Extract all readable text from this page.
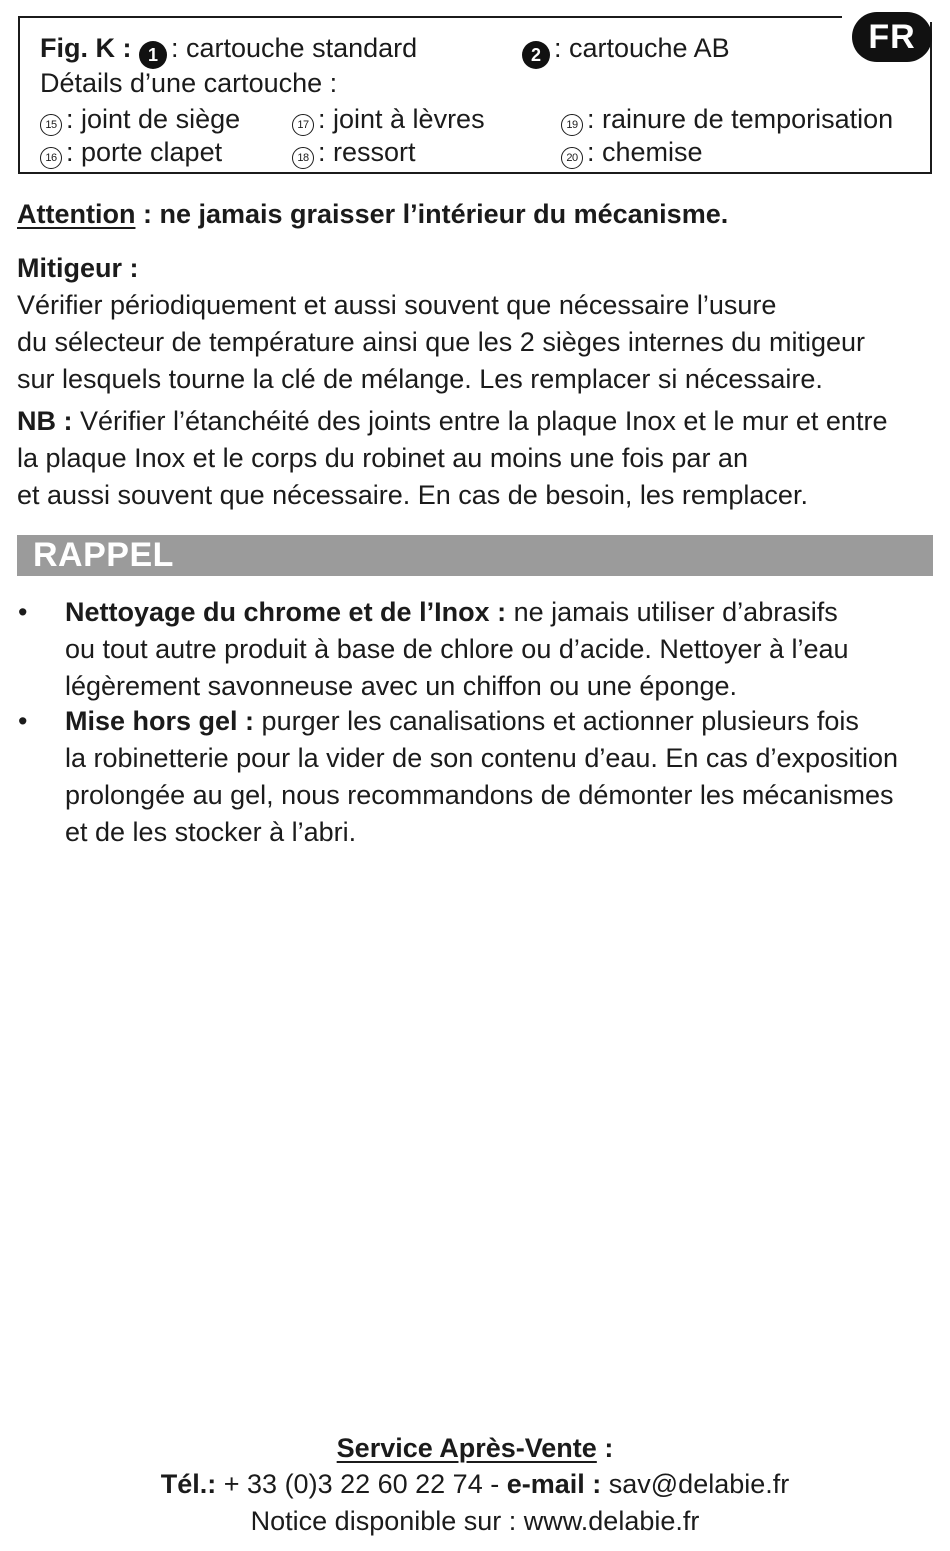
FR
Fig. K : 1 : cartouche standard	2 : cartouche AB
Détails d’une cartouche :
15 : joint de siège	17 : joint à lèvres	19 : rainure de temporisation
16 : porte clapet	18 : ressort	20 : chemise
Attention : ne jamais graisser l’intérieur du mécanisme.
Mitigeur :
Vérifier périodiquement et aussi souvent que nécessaire l’usure
du sélecteur de température ainsi que les 2 sièges internes du mitigeur
sur lesquels tourne la clé de mélange. Les remplacer si nécessaire.
NB : Vérifier l’étanchéité des joints entre la plaque Inox et le mur et entre
la plaque Inox et le corps du robinet au moins une fois par an
et aussi souvent que nécessaire. En cas de besoin, les remplacer.
RAPPEL
• Nettoyage du chrome et de l’Inox : ne jamais utiliser d’abrasifs
ou tout autre produit à base de chlore ou d’acide. Nettoyer à l’eau
légèrement savonneuse avec un chiffon ou une éponge.
• Mise hors gel : purger les canalisations et actionner plusieurs fois
la robinetterie pour la vider de son contenu d’eau. En cas d’exposition
prolongée au gel, nous recommandons de démonter les mécanismes
et de les stocker à l’abri.
Service Après-Vente :
Tél.: + 33 (0)3 22 60 22 74 - e-mail : sav@delabie.fr
Notice disponible sur : www.delabie.fr
